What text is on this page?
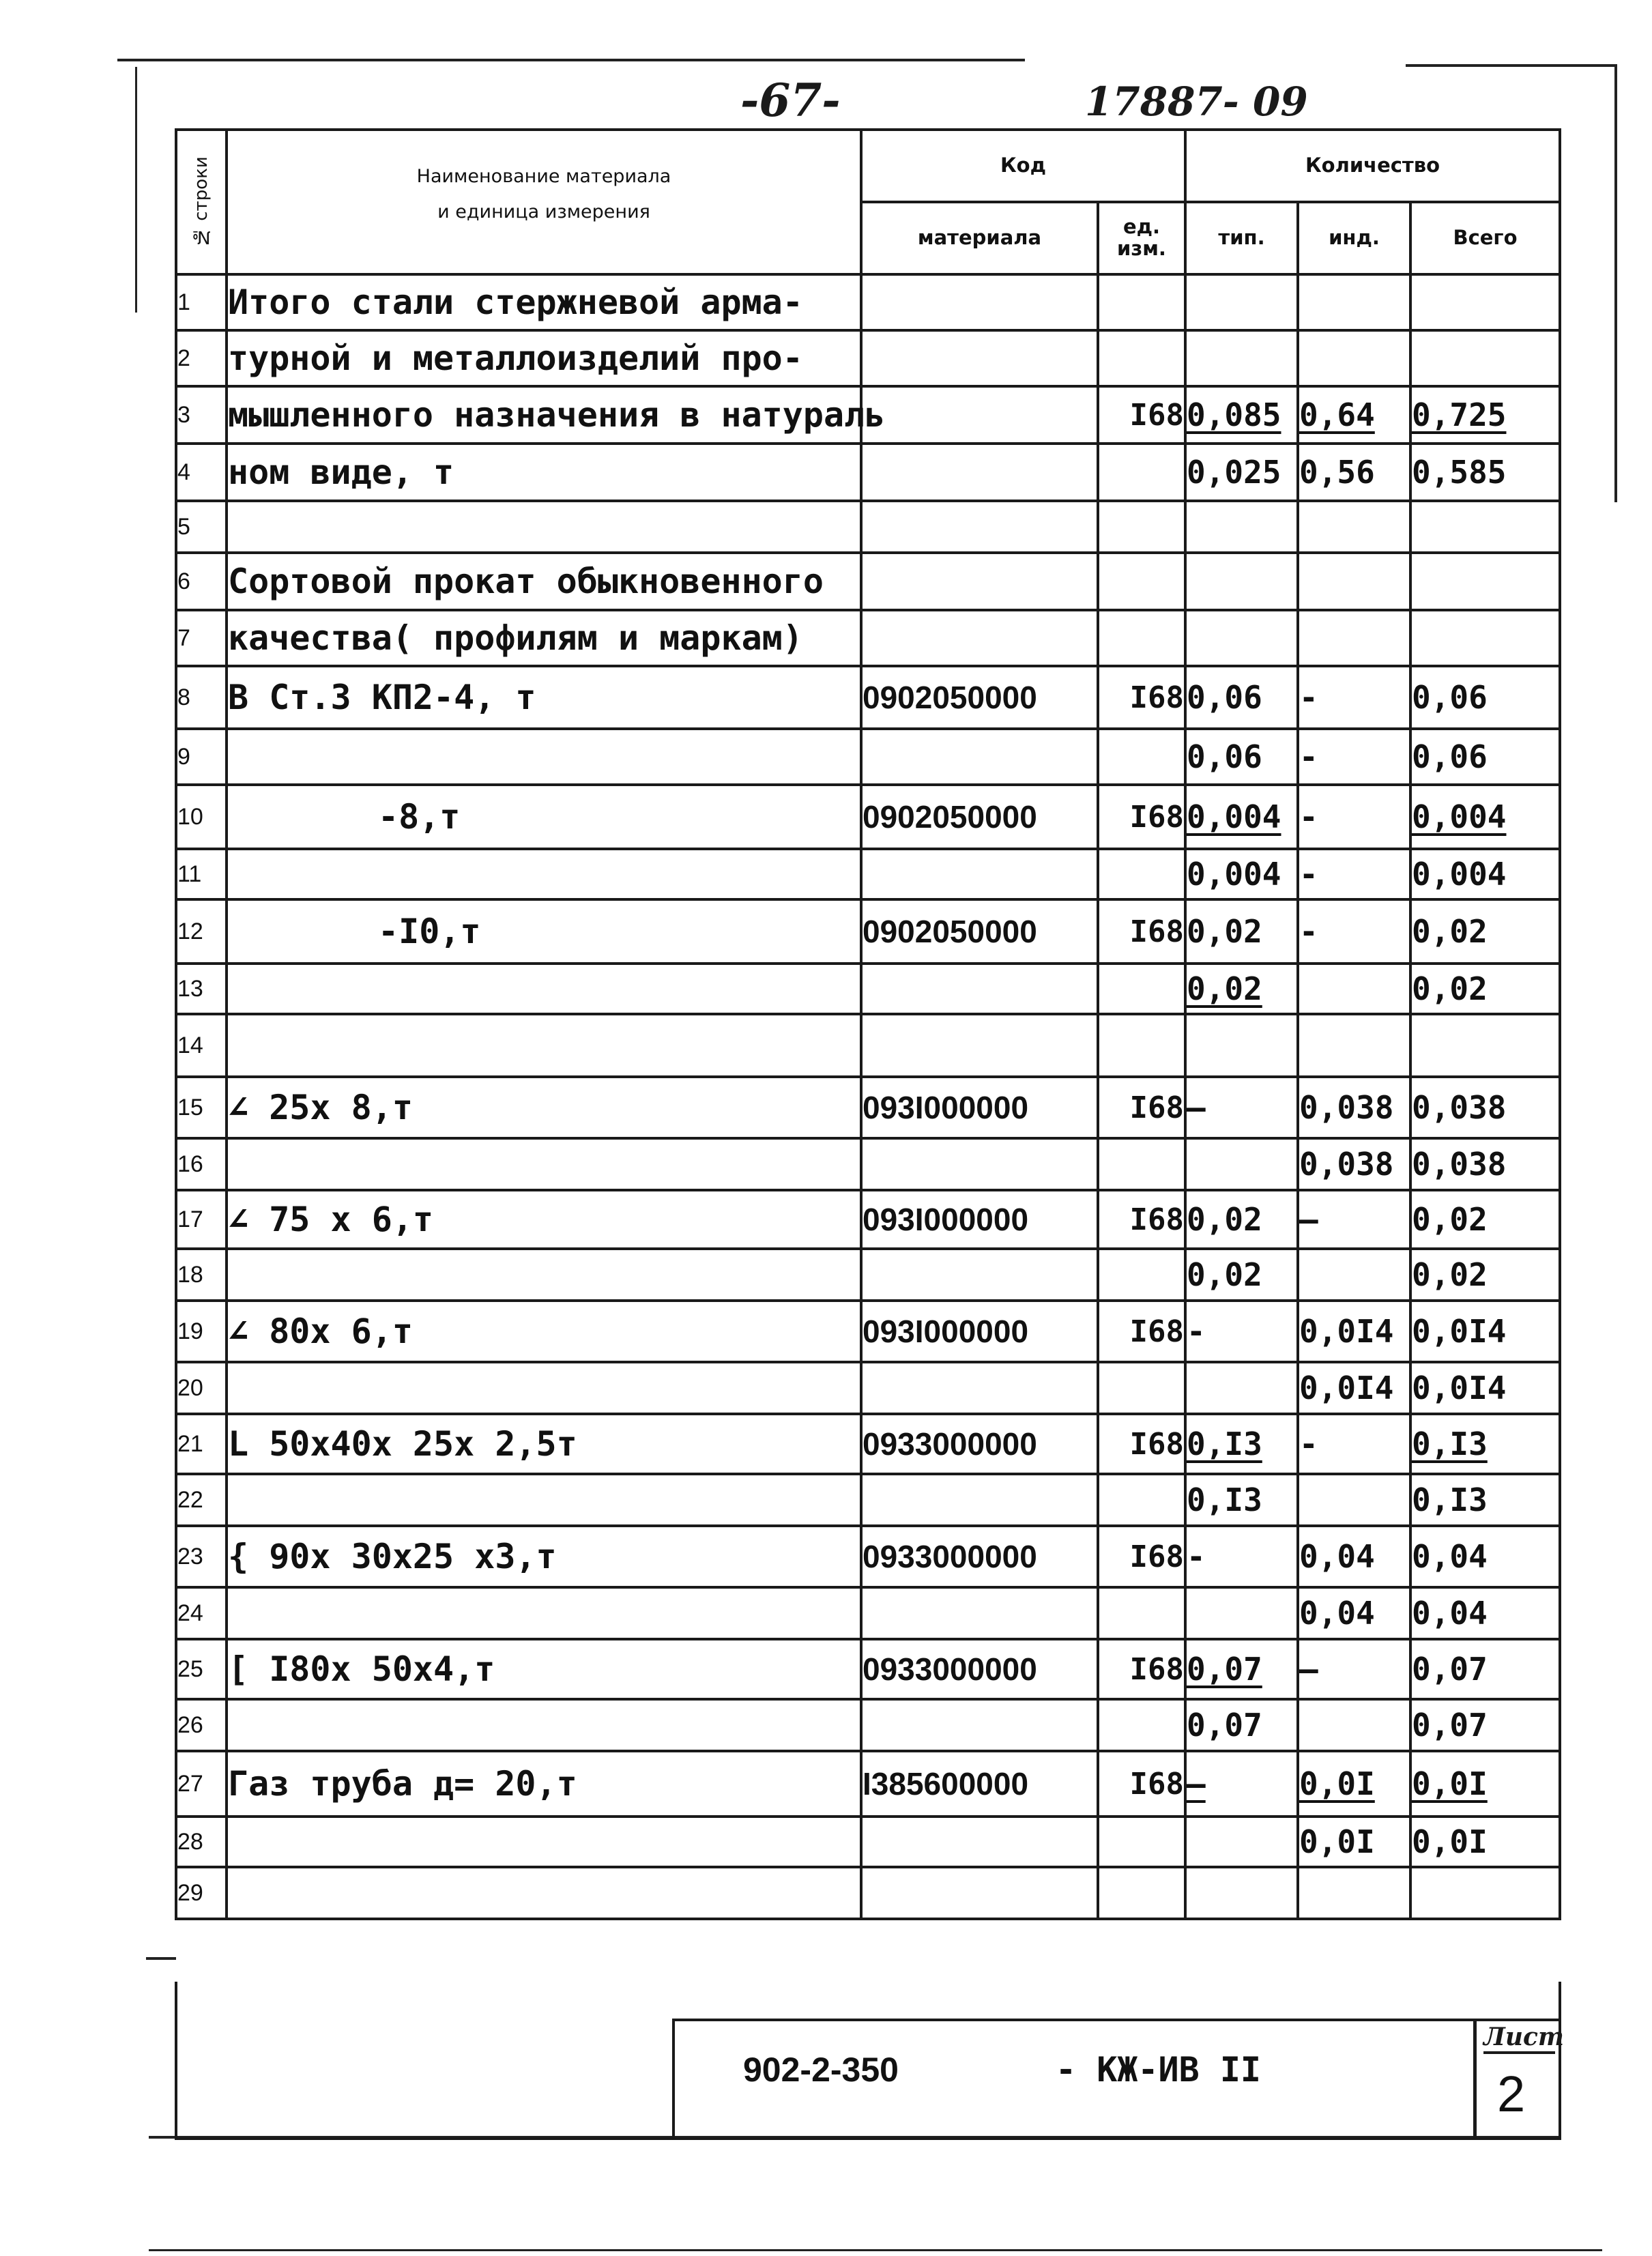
-67-	17887- 09
№ строки	Наименование материала
и единица измерения	Код		Количество		
		материала	ед. изм.	тип.	инд.	Всего
1	Итого стали стержневой арма-					
2	турной и металлоизделий про-					
3	мышленного назначения в натураль		I68	0,085	0,64	0,725
4	ном виде, т			0,025	0,56	0,585
5						
6	Сортовой прокат обыкновенного					
7	качества( профилям и маркам)					
8	В Ст.3 КП2-4, т	0902050000	I68	0,06	-	0,06
9				0,06	-	0,06
10	-8,т	0902050000	I68	0,004	-	0,004
11				0,004	-	0,004
12	-I0,т	0902050000	I68	0,02	-	0,02
13				0,02		0,02
14						
15	∠ 25х 8,т	093I000000	I68	—	0,038	0,038
16					0,038	0,038
17	∠ 75 х 6,т	093I000000	I68	0,02	—	0,02
18				0,02		0,02
19	∠ 80х 6,т	093I000000	I68	-	0,0I4	0,0I4
20					0,0I4	0,0I4
21	L 50х40х 25х 2,5т	0933000000	I68	0,I3	-	0,I3
22				0,I3		0,I3
23	{ 90х 30х25 х3,т	0933000000	I68	-	0,04	0,04
24					0,04	0,04
25	[ I80х 50х4,т	0933000000	I68	0,07	—	0,07
26				0,07		0,07
27	Газ труба д= 20,т	I385600000	I68	—	0,0I	0,0I
28					0,0I	0,0I
29						
902-2-350	- КЖ-ИВ II
Лист
2
